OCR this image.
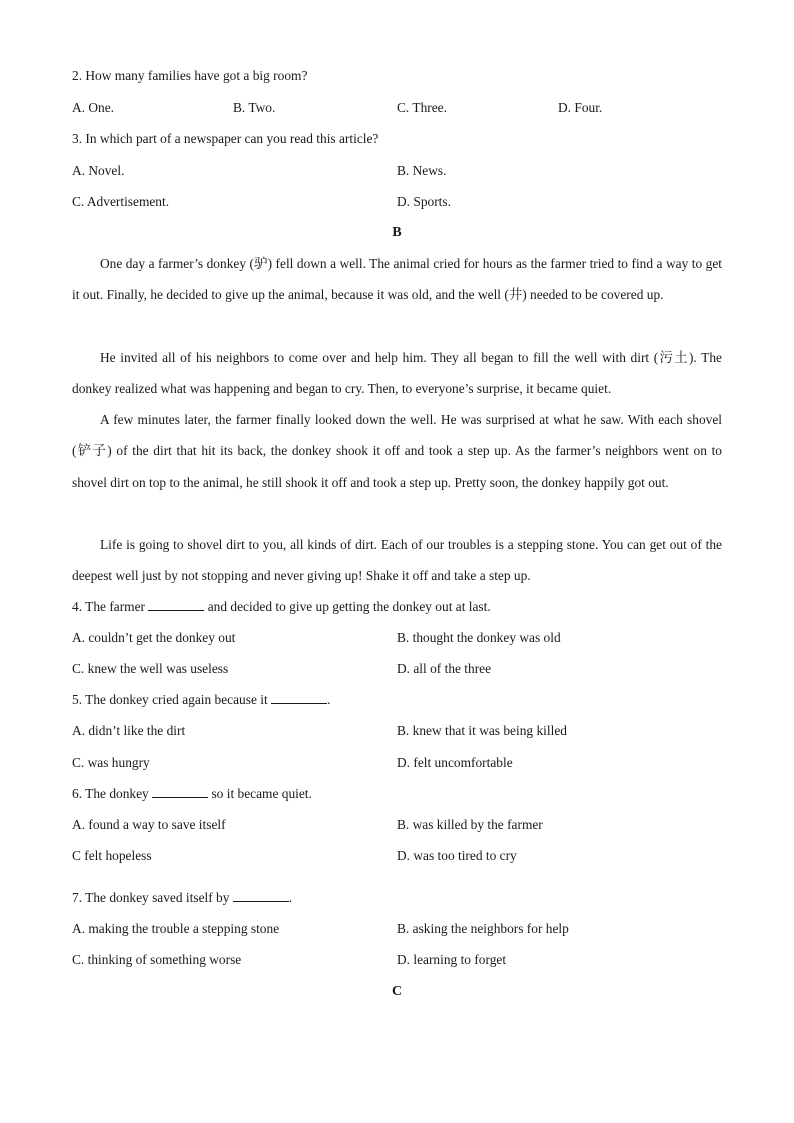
2. How many families have got a big room?
A. One.	B. Two.	C. Three.	D. Four.
3. In which part of a newspaper can you read this article?
A. Novel.	B. News.
C. Advertisement.	D. Sports.
B
One day a farmer’s donkey (驴) fell down a well. The animal cried for hours as the farmer tried to find a way to get it out. Finally, he decided to give up the animal, because it was old, and the well (井) needed to be covered up.
He invited all of his neighbors to come over and help him. They all began to fill the well with dirt (污土). The donkey realized what was happening and began to cry. Then, to everyone’s surprise, it became quiet.
A few minutes later, the farmer finally looked down the well. He was surprised at what he saw. With each shovel (铲子) of the dirt that hit its back, the donkey shook it off and took a step up. As the farmer’s neighbors went on to shovel dirt on top to the animal, he still shook it off and took a step up. Pretty soon, the donkey happily got out.
Life is going to shovel dirt to you, all kinds of dirt. Each of our troubles is a stepping stone. You can get out of the deepest well just by not stopping and never giving up! Shake it off and take a step up.
4. The farmer	and decided to give up getting the donkey out at last.
A. couldn’t get the donkey out	B. thought the donkey was old
C. knew the well was useless	D. all of the three
5. The donkey cried again because it	.
A. didn’t like the dirt	B. knew that it was being killed
C. was hungry	D. felt uncomfortable
6. The donkey	so it became quiet.
A. found a way to save itself	B. was killed by the farmer
C felt hopeless	D. was too tired to cry
7. The donkey saved itself by	.
A. making the trouble a stepping stone	B. asking the neighbors for help
C. thinking of something worse	D. learning to forget
C
